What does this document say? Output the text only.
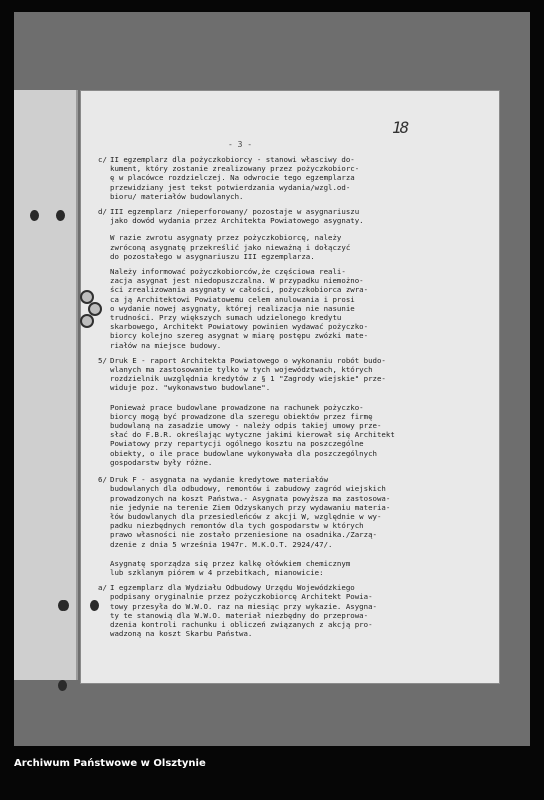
18
- 3 -
c/ II egzemplarz dla pożyczkobiorcy - stanowi własciwy do-
kument, który zostanie zrealizowany przez pożyczkobiorc-
ę w placówce rozdzielczej. Na odwrocie tego egzemplarza
przewidziany jest tekst potwierdzania wydania/wzgl.od-
bioru/ materiałów budowlanych.
d/ III egzemplarz /nieperforowany/ pozostaje w asygnariuszu
jako dowód wydania przez Architekta Powiatowego asygnaty.
W razie zwrotu asygnaty przez pożyczkobiorcę, należy
zwróconą asygnatę przekreślić jako nieważną i dołączyć
do pozostałego w asygnariuszu III egzemplarza.
Należy informować pożyczkobiorców,że częściowa reali-
zacja asygnat jest niedopuszczalna. W przypadku niemożno-
ści zrealizowania asygnaty w całości, pożyczkobiorca zwra-
ca ją Architektowi Powiatowemu celem anulowania i prosi
o wydanie nowej asygnaty, której realizacja nie nasunie
trudności. Przy większych sumach udzielonego kredytu
skarbowego, Architekt Powiatowy powinien wydawać pożyczko-
biorcy kolejno szereg asygnat w miarę postępu zwózki mate-
riałów na miejsce budowy.
5/ Druk E - raport Architekta Powiatowego o wykonaniu robót budo-
wlanych ma zastosowanie tylko w tych województwach, których
rozdzielnik uwzględnia kredytów z § 1 "Zagrody wiejskie" prze-
widuje poz. "wykonawstwo budowlane".
Ponieważ prace budowlane prowadzone na rachunek pożyczko-
biorcy mogą być prowadzone dla szeregu obiektów przez firmę
budowlaną na zasadzie umowy - należy odpis takiej umowy prze-
słać do F.B.R. określając wytyczne jakimi kierował się Architekt
Powiatowy przy repartycji ogólnego kosztu na poszczególne
obiekty, o ile prace budowlane wykonywała dla poszczególnych
gospodarstw były różne.
6/ Druk F - asygnata na wydanie kredytowe materiałów
budowlanych dla odbudowy, remontów i zabudowy zagród wiejskich
prowadzonych na koszt Państwa.- Asygnata powyższa ma zastosowa-
nie jedynie na terenie Ziem Odzyskanych przy wydawaniu materia-
łów budowlanych dla przesiedleńców z akcji W, względnie w wy-
padku niezbędnych remontów dla tych gospodarstw w których
prawo własności nie zostało przeniesione na osadnika./Zarzą-
dzenie z dnia 5 września 1947r. M.K.O.T. 2924/47/.
Asygnatę sporządza się przez kalkę ołówkiem chemicznym
lub szklanym piórem w 4 przebitkach, mianowicie:
a/ I egzemplarz dla Wydziału Odbudowy Urzędu Wojewódzkiego
podpisany oryginalnie przez pożyczkobiorcę Architekt Powia-
towy przesyła do W.W.O. raz na miesiąc przy wykazie. Asygna-
ty te stanowią dla W.W.O. materiał niezbędny do przeprowa-
dzenia kontroli rachunku i obliczeń związanych z akcją pro-
wadzoną na koszt Skarbu Państwa.
Archiwum Państwowe w Olsztynie
